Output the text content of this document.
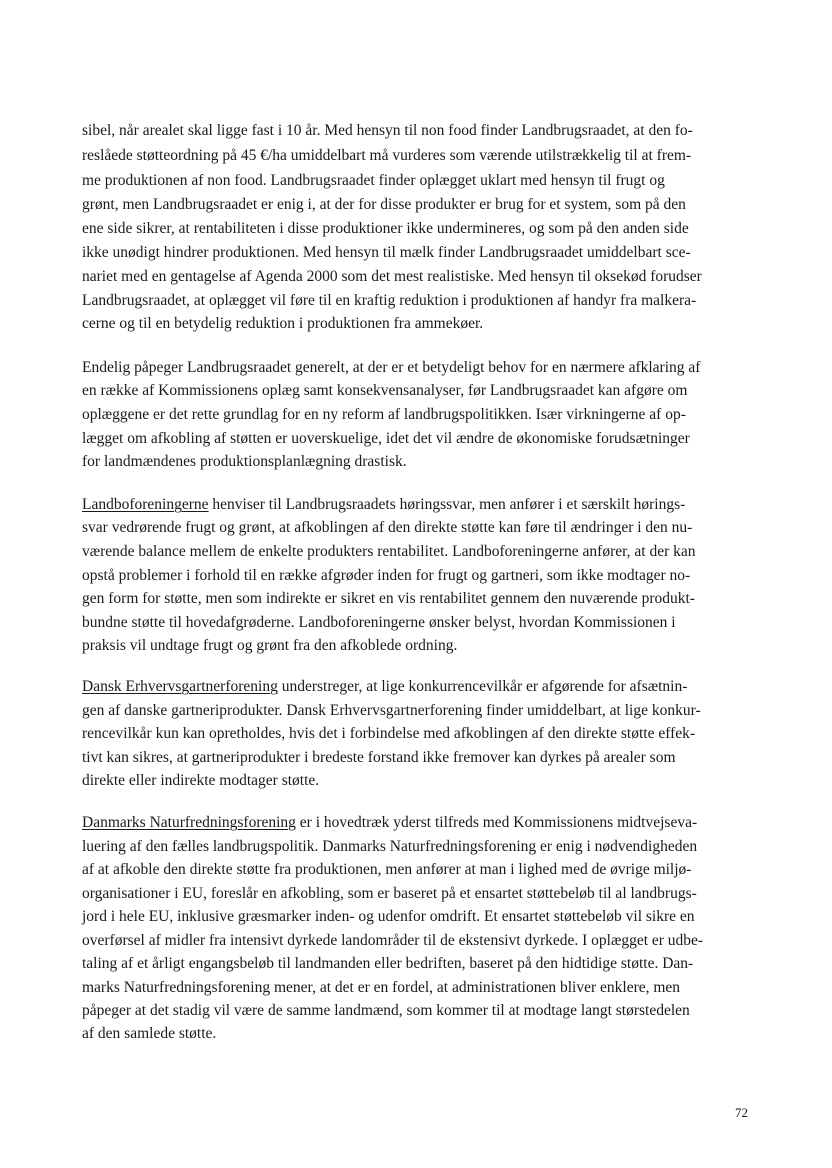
sibel, når arealet skal ligge fast i 10 år. Med hensyn til non food finder Landbrugsraadet, at den fo-

reslåede støtteordning på 45 €/ha umiddelbart må vurderes som værende utilstrækkelig til at frem-

me produktionen af non food. Landbrugsraadet finder oplægget uklart med hensyn til frugt og

grønt, men Landbrugsraadet er enig i, at der for disse produkter er brug for et system, som på den

ene side sikrer, at rentabiliteten i disse produktioner ikke undermineres, og som på den anden side

ikke unødigt hindrer produktionen. Med hensyn til mælk finder Landbrugsraadet umiddelbart sce-

nariet med en gentagelse af Agenda 2000 som det mest realistiske. Med hensyn til oksekød forudser

Landbrugsraadet, at oplægget vil føre til en kraftig reduktion i produktionen af handyr fra malkera-

cerne og til en betydelig reduktion i produktionen fra ammekøer.

Endelig påpeger Landbrugsraadet generelt, at der er et betydeligt behov for en nærmere afklaring af

en række af Kommissionens oplæg samt konsekvensanalyser, før Landbrugsraadet kan afgøre om

oplæggene er det rette grundlag for en ny reform af landbrugspolitikken. Især virkningerne af op-

lægget om afkobling af støtten er uoverskuelige, idet det vil ændre de økonomiske forudsætninger

for landmændenes produktionsplanlægning drastisk.

Landboforeningerne henviser til Landbrugsraadets høringssvar, men anfører i et særskilt hørings-

svar vedrørende frugt og grønt, at afkoblingen af den direkte støtte kan føre til ændringer i den nu-

værende balance mellem de enkelte produkters rentabilitet. Landboforeningerne anfører, at der kan

opstå problemer i forhold til en række afgrøder inden for frugt og gartneri, som ikke modtager no-

gen form for støtte, men som indirekte er sikret en vis rentabilitet gennem den nuværende produkt-

bundne støtte til hovedafgrøderne. Landboforeningerne ønsker belyst, hvordan Kommissionen i

praksis vil undtage frugt og grønt fra den afkoblede ordning.

Dansk Erhvervsgartnerforening understreger, at lige konkurrencevilkår er afgørende for afsætnin-

gen af danske gartneriprodukter. Dansk Erhvervsgartnerforening finder umiddelbart, at lige konkur-

rencevilkår kun kan opretholdes, hvis det i forbindelse med afkoblingen af den direkte støtte effek-

tivt kan sikres, at gartneriprodukter i bredeste forstand ikke fremover kan dyrkes på arealer som

direkte eller indirekte modtager støtte.

Danmarks Naturfredningsforening er i hovedtræk yderst tilfreds med Kommissionens midtvejseva-

luering af den fælles landbrugspolitik. Danmarks Naturfredningsforening er enig i nødvendigheden

af at afkoble den direkte støtte fra produktionen, men anfører at man i lighed med de øvrige miljø-

organisationer i EU, foreslår en afkobling, som er baseret på et ensartet støttebeløb til al landbrugs-

jord i hele EU, inklusive græsmarker inden- og udenfor omdrift. Et ensartet støttebeløb vil sikre en

overførsel af midler fra intensivt dyrkede landområder til de ekstensivt dyrkede. I oplægget er udbe-

taling af et årligt engangsbeløb til landmanden eller bedriften, baseret på den hidtidige støtte. Dan-

marks Naturfredningsforening mener, at det er en fordel, at administrationen bliver enklere, men

påpeger at det stadig vil være de samme landmænd, som kommer til at modtage langt størstedelen

af den samlede støtte.

72
